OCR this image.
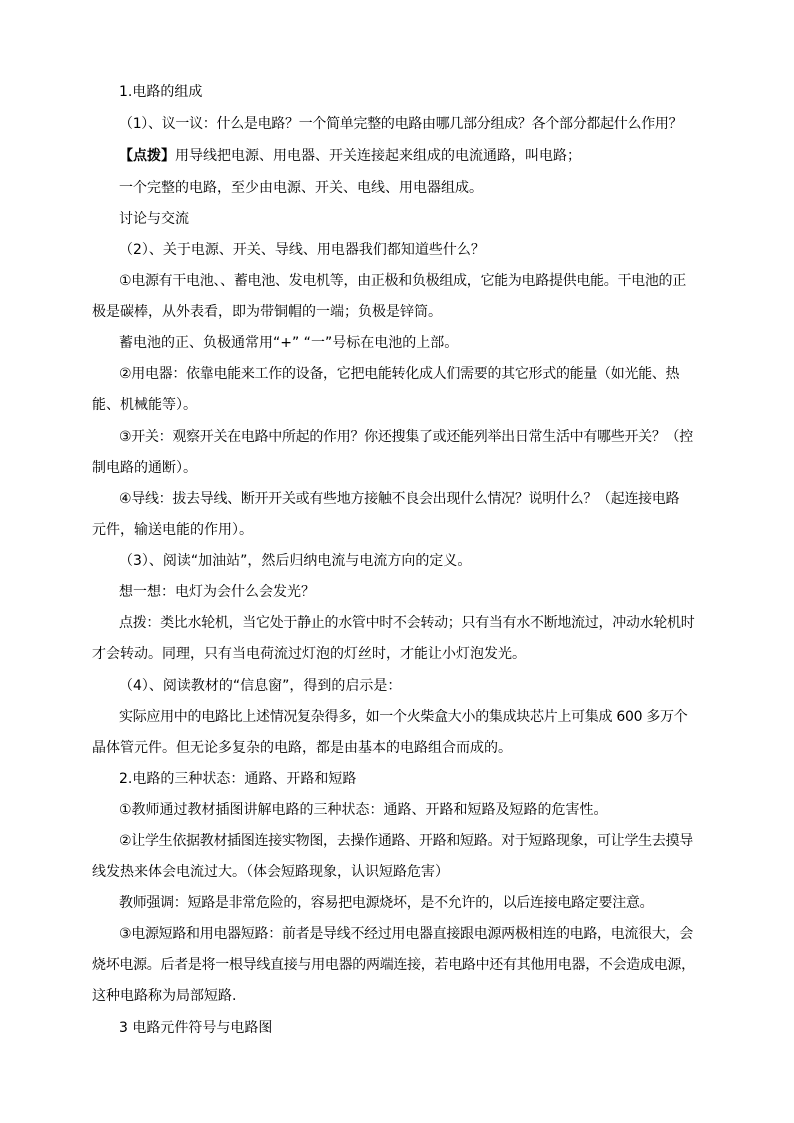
1.电路的组成
（1）、议一议：什么是电路？一个简单完整的电路由哪几部分组成？各个部分都起什么作用？
【点拨】用导线把电源、用电器、开关连接起来组成的电流通路，叫电路；
一个完整的电路，至少由电源、开关、电线、用电器组成。
讨论与交流
（2）、关于电源、开关、导线、用电器我们都知道些什么？
①电源有干电池、、蓄电池、发电机等，由正极和负极组成，它能为电路提供电能。干电池的正
极是碳棒，从外表看，即为带铜帽的一端；负极是锌筒。
蓄电池的正、负极通常用“+” “一”号标在电池的上部。
②用电器：依靠电能来工作的设备，它把电能转化成人们需要的其它形式的能量（如光能、热
能、机械能等）。
③开关：观察开关在电路中所起的作用？你还搜集了或还能列举出日常生活中有哪些开关？（控
制电路的通断）。
④导线：拔去导线、断开开关或有些地方接触不良会出现什么情况？说明什么？（起连接电路
元件，输送电能的作用）。
（3）、阅读“加油站”，然后归纳电流与电流方向的定义。
想一想：电灯为会什么会发光？
点拨：类比水轮机，当它处于静止的水管中时不会转动；只有当有水不断地流过，冲动水轮机时
才会转动。同理，只有当电荷流过灯泡的灯丝时，才能让小灯泡发光。
（4）、阅读教材的“信息窗”，得到的启示是：
实际应用中的电路比上述情况复杂得多，如一个火柴盒大小的集成块芯片上可集成 600 多万个
晶体管元件。但无论多复杂的电路，都是由基本的电路组合而成的。
2.电路的三种状态：通路、开路和短路
①教师通过教材插图讲解电路的三种状态：通路、开路和短路及短路的危害性。
②让学生依据教材插图连接实物图，去操作通路、开路和短路。对于短路现象，可让学生去摸导
线发热来体会电流过大。（体会短路现象，认识短路危害）
教师强调：短路是非常危险的，容易把电源烧坏，是不允许的，以后连接电路定要注意。
③电源短路和用电器短路：前者是导线不经过用电器直接跟电源两极相连的电路，电流很大，会
烧坏电源。后者是将一根导线直接与用电器的两端连接，若电路中还有其他用电器，不会造成电源，
这种电路称为局部短路.
3 电路元件符号与电路图
